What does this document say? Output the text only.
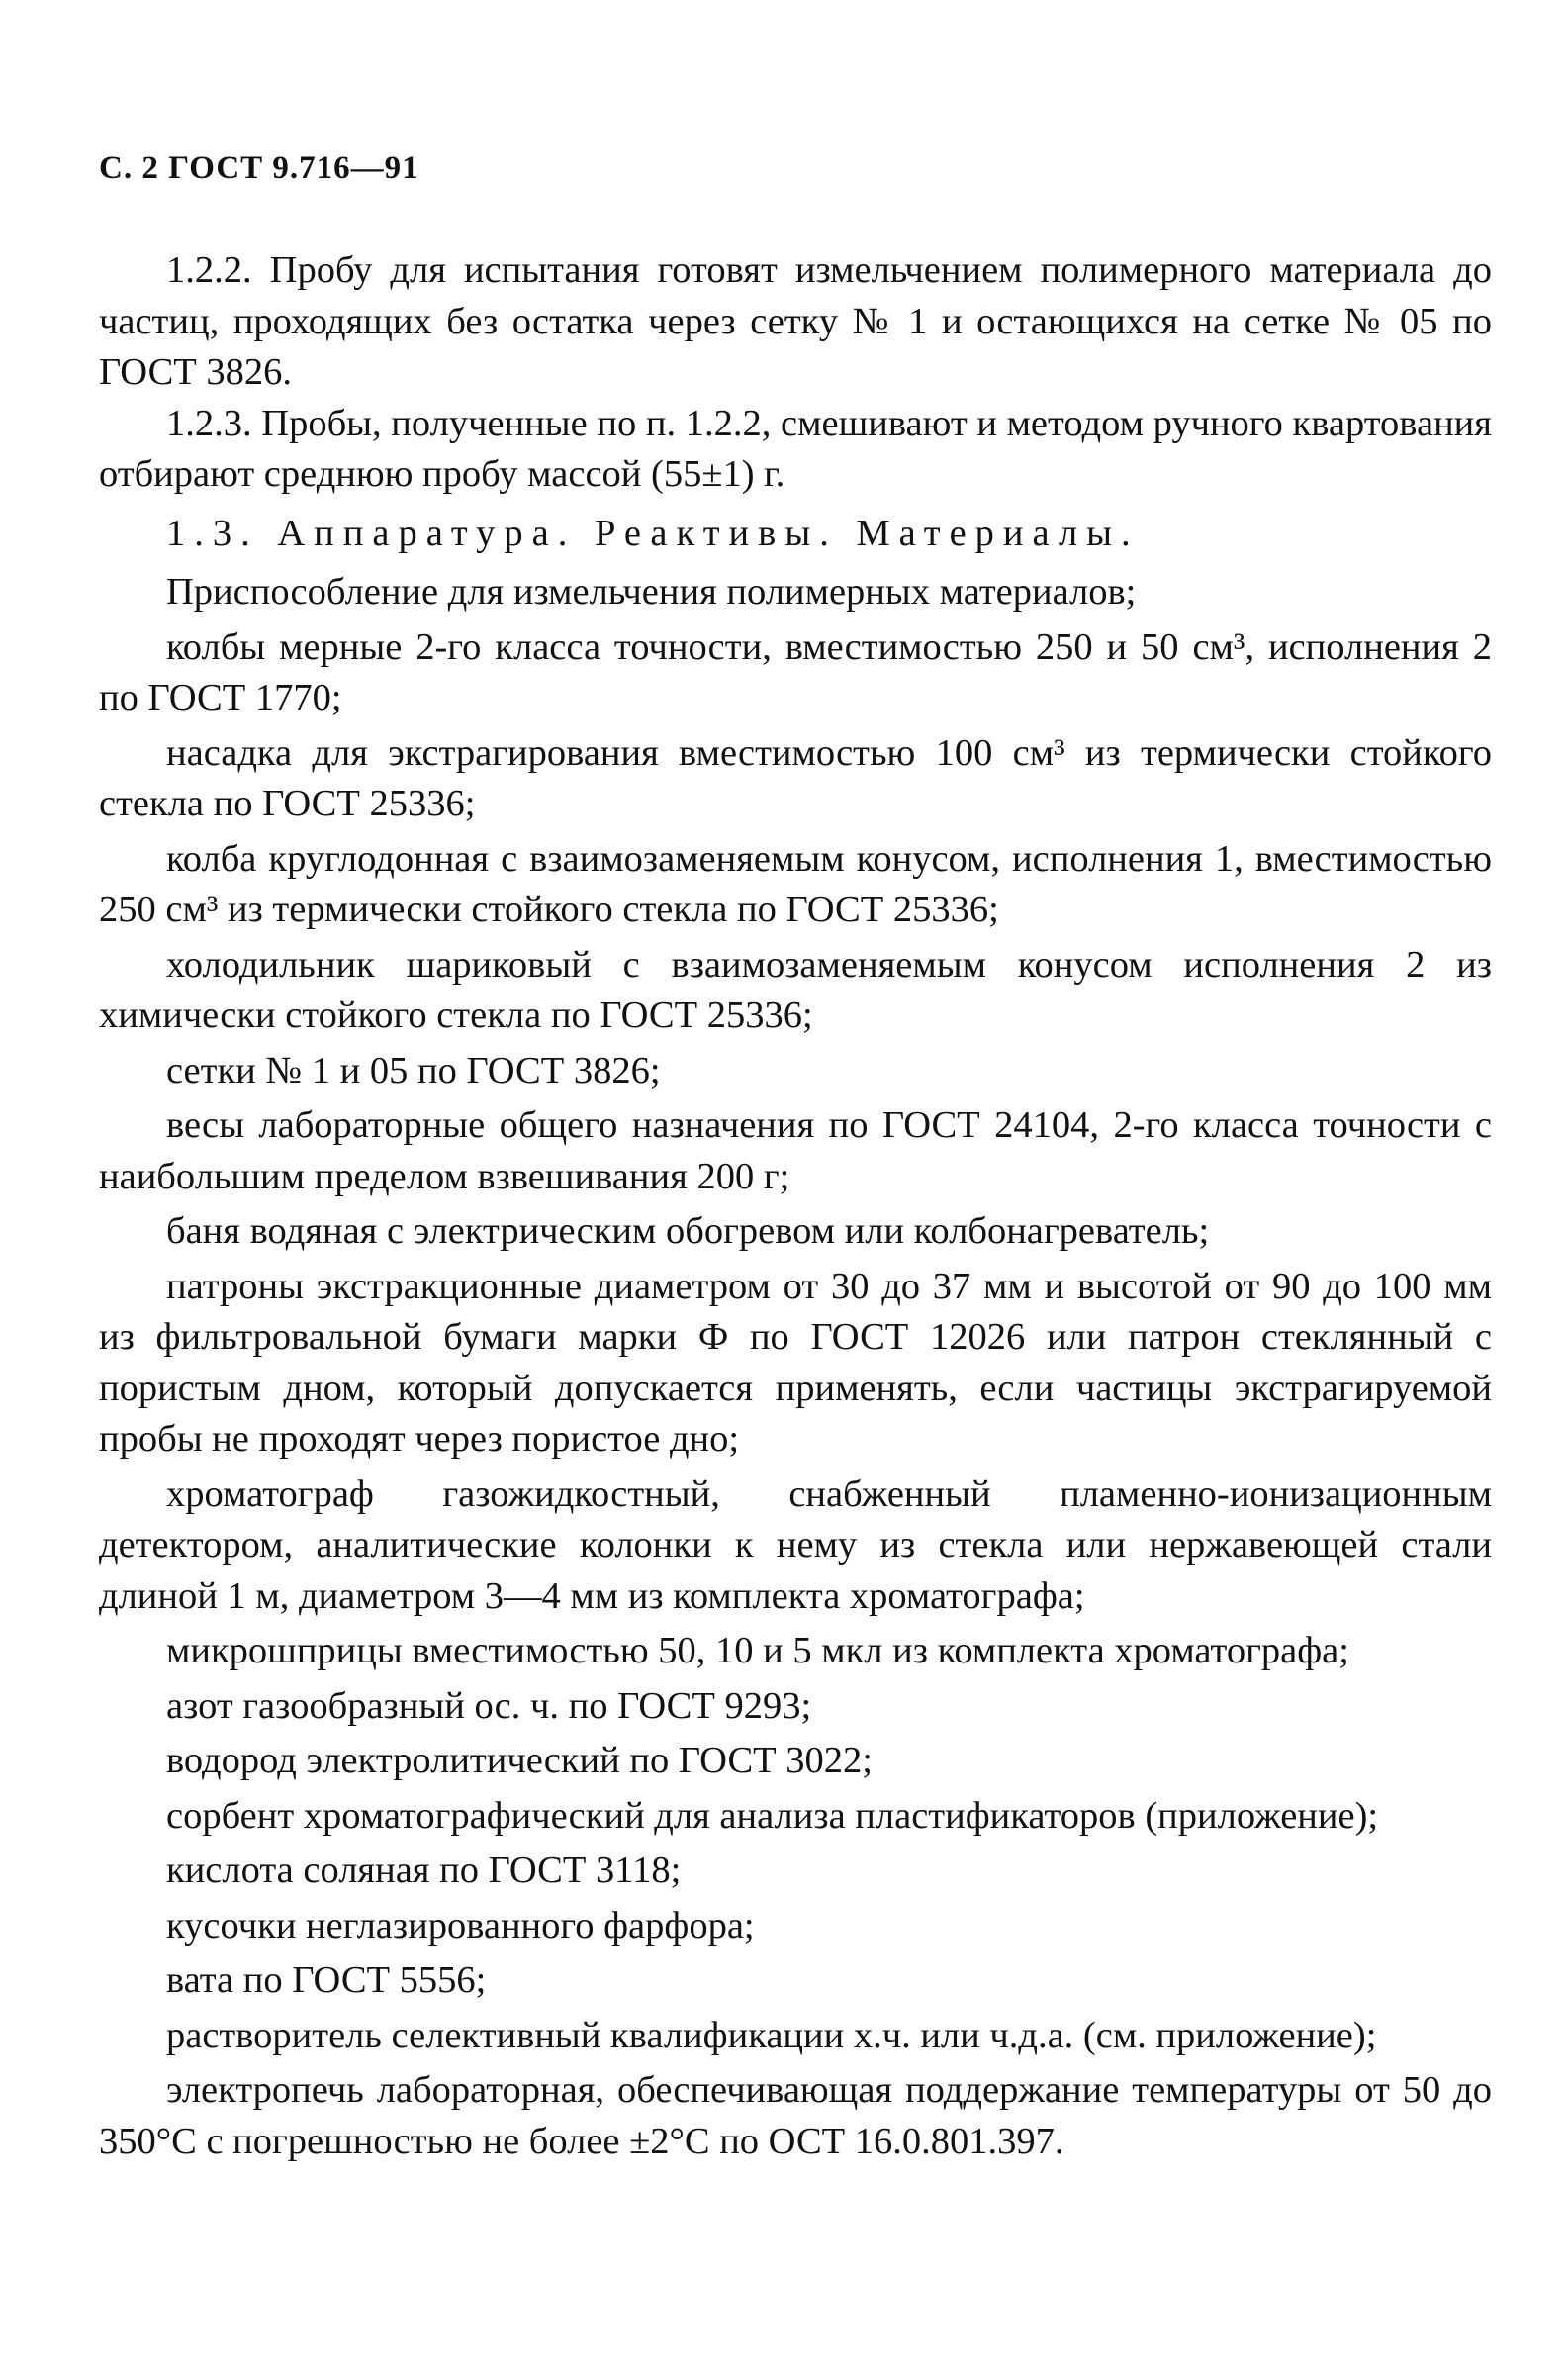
С. 2 ГОСТ 9.716—91

1.2.2. Пробу для испытания готовят измельчением полимерного материала до частиц, проходящих без остатка через сетку № 1 и остающихся на сетке № 05 по ГОСТ 3826.

1.2.3. Пробы, полученные по п. 1.2.2, смешивают и методом ручного квартования отбирают среднюю пробу массой (55±1) г.

1.3. Аппаратура. Реактивы. Материалы.

Приспособление для измельчения полимерных материалов;

колбы мерные 2-го класса точности, вместимостью 250 и 50 см³, исполнения 2 по ГОСТ 1770;

насадка для экстрагирования вместимостью 100 см³ из термически стойкого стекла по ГОСТ 25336;

колба круглодонная с взаимозаменяемым конусом, исполнения 1, вместимостью 250 см³ из термически стойкого стекла по ГОСТ 25336;

холодильник шариковый с взаимозаменяемым конусом исполнения 2 из химически стойкого стекла по ГОСТ 25336;

сетки № 1 и 05 по ГОСТ 3826;

весы лабораторные общего назначения по ГОСТ 24104, 2-го класса точности с наибольшим пределом взвешивания 200 г;

баня водяная с электрическим обогревом или колбонагреватель;

патроны экстракционные диаметром от 30 до 37 мм и высотой от 90 до 100 мм из фильтровальной бумаги марки Ф по ГОСТ 12026 или патрон стеклянный с пористым дном, который допускается применять, если частицы экстрагируемой пробы не проходят через пористое дно;

хроматограф газожидкостный, снабженный пламенно-ионизационным детектором, аналитические колонки к нему из стекла или нержавеющей стали длиной 1 м, диаметром 3—4 мм из комплекта хроматографа;

микрошприцы вместимостью 50, 10 и 5 мкл из комплекта хроматографа;

азот газообразный ос. ч. по ГОСТ 9293;

водород электролитический по ГОСТ 3022;

сорбент хроматографический для анализа пластификаторов (приложение);

кислота соляная по ГОСТ 3118;

кусочки неглазированного фарфора;

вата по ГОСТ 5556;

растворитель селективный квалификации х.ч. или ч.д.а. (см. приложение);

электропечь лабораторная, обеспечивающая поддержание температуры от 50 до 350°С с погрешностью не более ±2°С по ОСТ 16.0.801.397.
